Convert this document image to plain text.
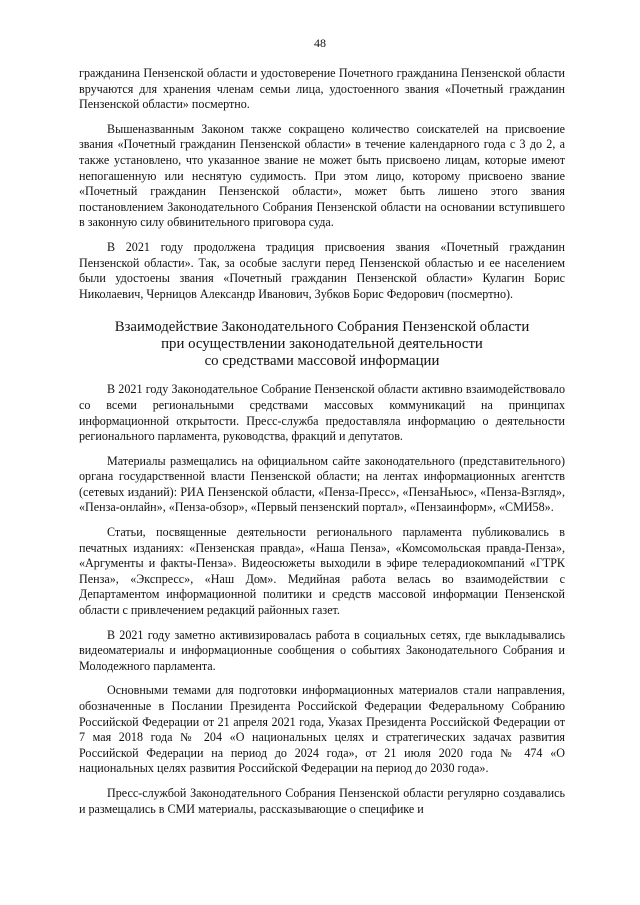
48

гражданина Пензенской области и удостоверение Почетного гражданина Пензенской области вручаются для хранения членам семьи лица, удостоенного звания «Почетный гражданин Пензенской области» посмертно.

Вышеназванным Законом также сокращено количество соискателей на присвоение звания «Почетный гражданин Пензенской области» в течение календарного года с 3 до 2, а также установлено, что указанное звание не может быть присвоено лицам, которые имеют непогашенную или неснятую судимость. При этом лицо, которому присвоено звание «Почетный гражданин Пензенской области», может быть лишено этого звания постановлением Законодательного Собрания Пензенской области на основании вступившего в законную силу обвинительного приговора суда.

В 2021 году продолжена традиция присвоения звания «Почетный гражданин Пензенской области». Так, за особые заслуги перед Пензенской областью и ее населением были удостоены звания «Почетный гражданин Пензенской области» Кулагин Борис Николаевич, Черницов Александр Иванович, Зубков Борис Федорович (посмертно).

Взаимодействие Законодательного Собрания Пензенской области
при осуществлении законодательной деятельности
со средствами массовой информации

В 2021 году Законодательное Собрание Пензенской области активно взаимодействовало со всеми региональными средствами массовых коммуникаций на принципах информационной открытости. Пресс-служба предоставляла информацию о деятельности регионального парламента, руководства, фракций и депутатов.

Материалы размещались на официальном сайте законодательного (представительного) органа государственной власти Пензенской области; на лентах информационных агентств (сетевых изданий): РИА Пензенской области, «Пенза-Пресс», «ПензаНьюс», «Пенза-Взгляд», «Пенза-онлайн», «Пенза-обзор», «Первый пензенский портал», «Пензаинформ», «СМИ58».

Статьи, посвященные деятельности регионального парламента публиковались в печатных изданиях: «Пензенская правда», «Наша Пенза», «Комсомольская правда-Пенза», «Аргументы и факты-Пенза». Видеосюжеты выходили в эфире телерадиокомпаний «ГТРК Пенза», «Экспресс», «Наш Дом». Медийная работа велась во взаимодействии с Департаментом информационной политики и средств массовой информации Пензенской области с привлечением редакций районных газет.

В 2021 году заметно активизировалась работа в социальных сетях, где выкладывались видеоматериалы и информационные сообщения о событиях Законодательного Собрания и Молодежного парламента.

Основными темами для подготовки информационных материалов стали направления, обозначенные в Послании Президента Российской Федерации Федеральному Собранию Российской Федерации от 21 апреля 2021 года, Указах Президента Российской Федерации от 7 мая 2018 года № 204 «О национальных целях и стратегических задачах развития Российской Федерации на период до 2024 года», от 21 июля 2020 года № 474 «О национальных целях развития Российской Федерации на период до 2030 года».

Пресс-службой Законодательного Собрания Пензенской области регулярно создавались и размещались в СМИ материалы, рассказывающие о специфике и
